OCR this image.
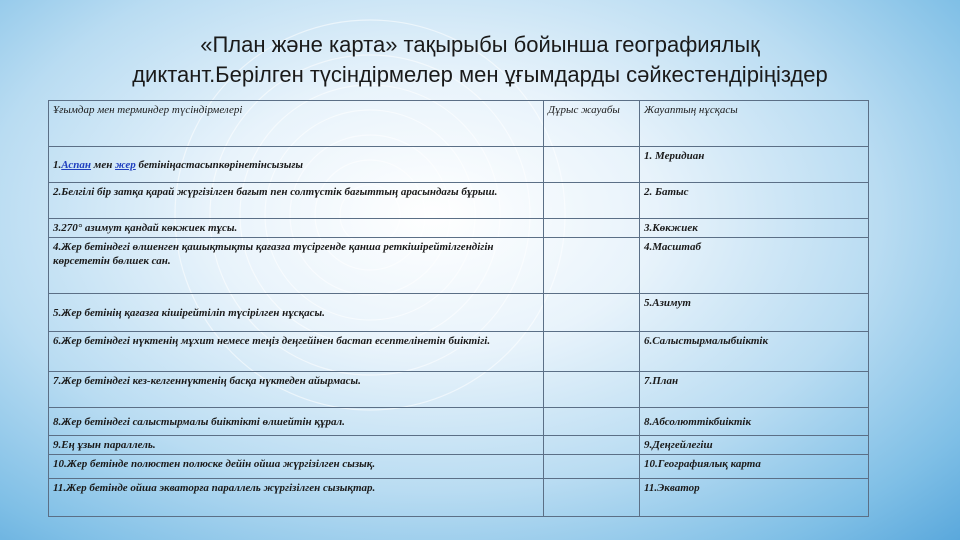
«План және карта» тақырыбы бойынша географиялық
диктант.Берілген түсіндірмелер мен ұғымдарды сәйкестендіріңіздер
Ұғымдар мен терминдер түсіндірмелері	Дұрыс жауабы	Жауаптың нұсқасы
1.Аспан мен жер бетініңастасыпкөрінетінсызығы		1. Меридиан
2.Белгілі бір затқа қарай жүргізілген бағыт пен солтүстік бағыттың арасындағы бұрыш.		2. Батыс
3.270° азимут қандай көкжиек тұсы.		3.Көкжиек
4.Жер бетіндегі өлшенген қашықтықты қағазға түсіргенде қанша реткішірейтілгендігін көрсететін бөлшек сан.		4.Масштаб
5.Жер бетінің қағазға кішірейтіліп түсірілген нұсқасы.		5.Азимут
6.Жер бетіндегі нүктенің мұхит немесе теңіз деңгейінен бастап есептелінетін биіктігі.		6.Салыстырмалыбиіктік
7.Жер бетіндегі кез-келгеннүктенің басқа нүктеден айырмасы.		7.План
8.Жер бетіндегі салыстырмалы биіктікті өлшейтін құрал.		8.Абсолюттікбиіктік
9.Ең ұзын параллель.		9.Деңгейлегіш
10.Жер бетінде полюстен полюске дейін ойша жүргізілген сызық.		10.Географиялық карта
11.Жер бетінде ойша экваторға параллель жүргізілген сызықтар.		11.Экватор
